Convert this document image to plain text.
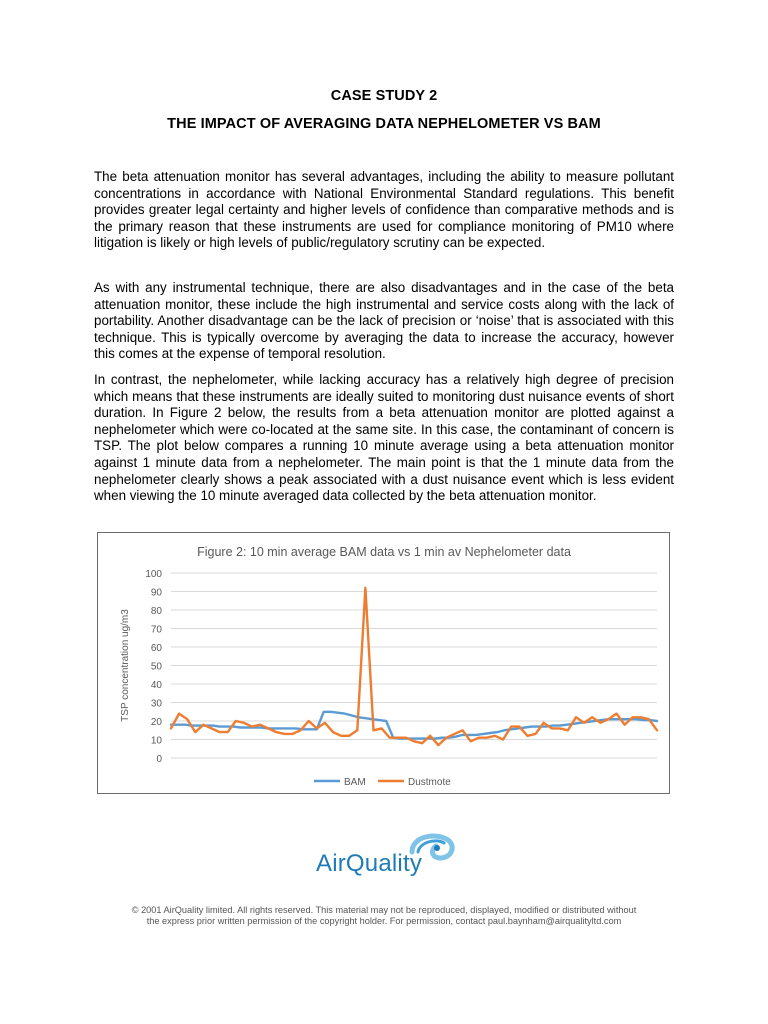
CASE STUDY 2
THE IMPACT OF AVERAGING DATA NEPHELOMETER VS BAM

The beta attenuation monitor has several advantages, including the ability to measure pollutant concentrations in accordance with National Environmental Standard regulations. This benefit provides greater legal certainty and higher levels of confidence than comparative methods and is the primary reason that these instruments are used for compliance monitoring of PM10 where litigation is likely or high levels of public/regulatory scrutiny can be expected.

As with any instrumental technique, there are also disadvantages and in the case of the beta attenuation monitor, these include the high instrumental and service costs along with the lack of portability. Another disadvantage can be the lack of precision or ‘noise’ that is associated with this technique. This is typically overcome by averaging the data to increase the accuracy, however this comes at the expense of temporal resolution.

In contrast, the nephelometer, while lacking accuracy has a relatively high degree of precision which means that these instruments are ideally suited to monitoring dust nuisance events of short duration. In Figure 2 below, the results from a beta attenuation monitor are plotted against a nephelometer which were co-located at the same site. In this case, the contaminant of concern is TSP. The plot below compares a running 10 minute average using a beta attenuation monitor against 1 minute data from a nephelometer. The main point is that the 1 minute data from the nephelometer clearly shows a peak associated with a dust nuisance event which is less evident when viewing the 10 minute averaged data collected by the beta attenuation monitor.

Figure 2: 10 min average BAM data vs 1 min av Nephelometer data
0
10
20
30
40
50
60
70
80
90
100
TSP concentration ug/m3
BAM	Dustmote
AirQuality
© 2001 AirQuality limited. All rights reserved. This material may not be reproduced, displayed, modified or distributed without
the express prior written permission of the copyright holder. For permission, contact paul.baynham@airqualityltd.com
